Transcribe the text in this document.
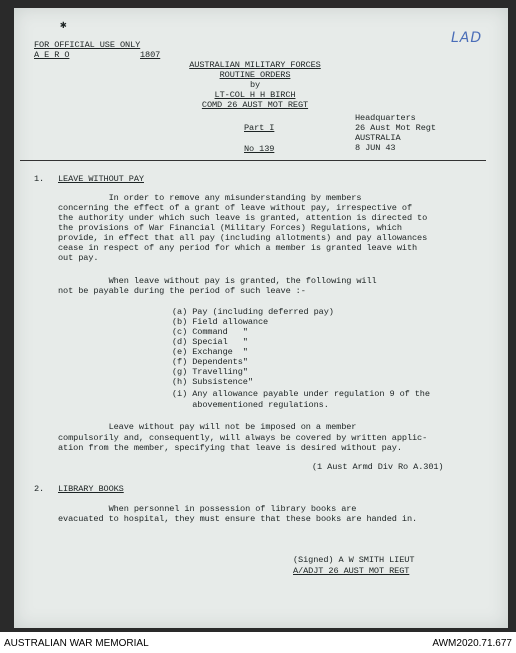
✱
LAD
FOR OFFICIAL USE ONLY
A E R O	1807
AUSTRALIAN MILITARY FORCES
ROUTINE ORDERS
by
LT-COL H H BIRCH
COMD 26 AUST MOT REGT
Part I
No 139
Headquarters
26 Aust Mot Regt
AUSTRALIA
8 JUN 43
1. LEAVE WITHOUT PAY
In order to remove any misunderstanding by members
concerning the effect of a grant of leave without pay, irrespective of
the authority under which such leave is granted, attention is directed to
the provisions of War Financial (Military Forces) Regulations, which
provide, in effect that all pay (including allotments) and pay allowances
cease in respect of any period for which a member is granted leave with
out pay.
When leave without pay is granted, the following will
not be payable during the period of such leave :-
(a) Pay (including deferred pay)
(b) Field allowance
(c) Command   "
(d) Special   "
(e) Exchange  "
(f) Dependents"
(g) Travelling"
(h) Subsistence"
(i) Any allowance payable under regulation 9 of the
abovementioned regulations.
Leave without pay will not be imposed on a member
compulsorily and, consequently, will always be covered by written applic-
ation from the member, specifying that leave is desired without pay.
(1 Aust Armd Div Ro A.301)
2. LIBRARY BOOKS
When personnel in possession of library books are
evacuated to hospital, they must ensure that these books are handed in.
(Signed) A W SMITH LIEUT
A/ADJT 26 AUST MOT REGT
AUSTRALIAN WAR MEMORIAL	AWM2020.71.677
